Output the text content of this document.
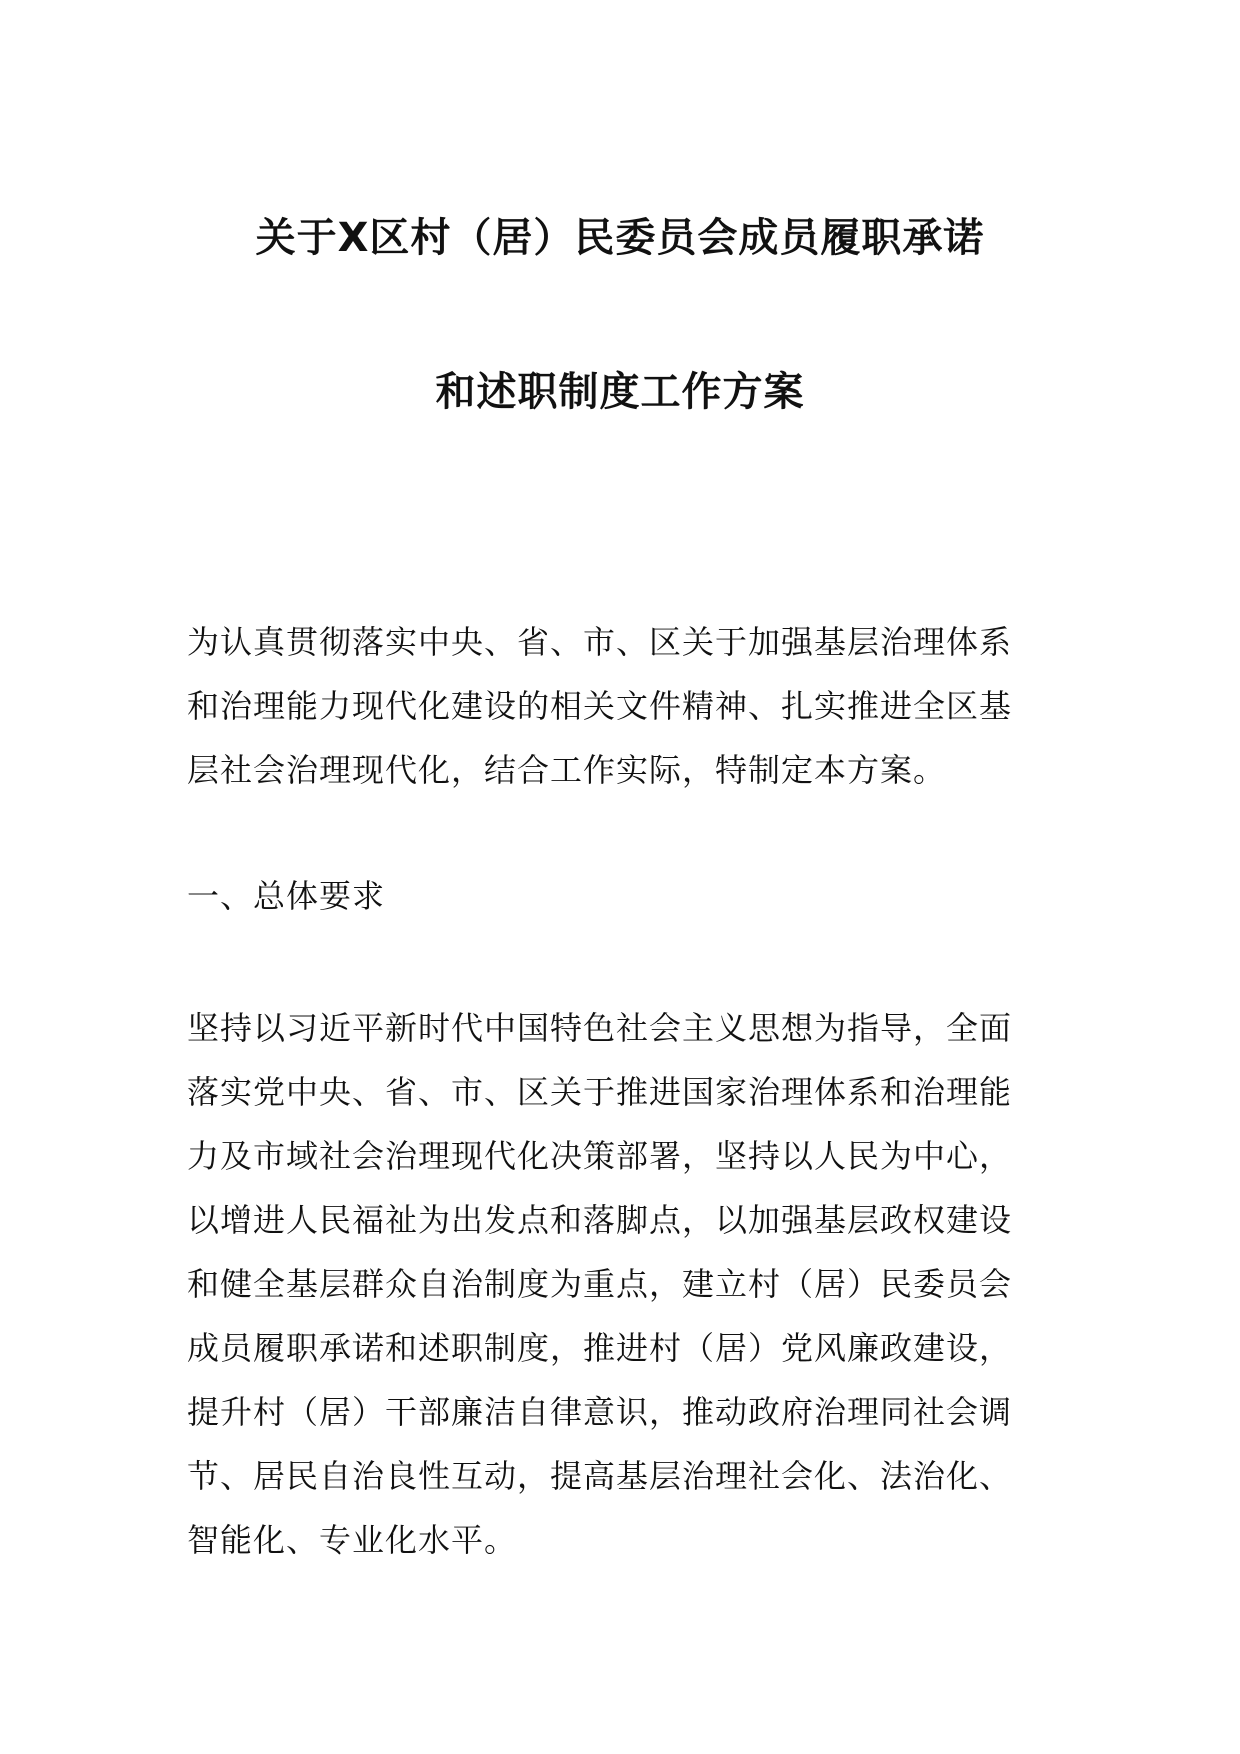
关于X区村（居）民委员会成员履职承诺
和述职制度工作方案
为认真贯彻落实中央、省、市、区关于加强基层治理体系
和治理能力现代化建设的相关文件精神、扎实推进全区基
层社会治理现代化，结合工作实际，特制定本方案。
一、总体要求
坚持以习近平新时代中国特色社会主义思想为指导，全面
落实党中央、省、市、区关于推进国家治理体系和治理能
力及市域社会治理现代化决策部署，坚持以人民为中心，
以增进人民福祉为出发点和落脚点，以加强基层政权建设
和健全基层群众自治制度为重点，建立村（居）民委员会
成员履职承诺和述职制度，推进村（居）党风廉政建设，
提升村（居）干部廉洁自律意识，推动政府治理同社会调
节、居民自治良性互动，提高基层治理社会化、法治化、
智能化、专业化水平。
